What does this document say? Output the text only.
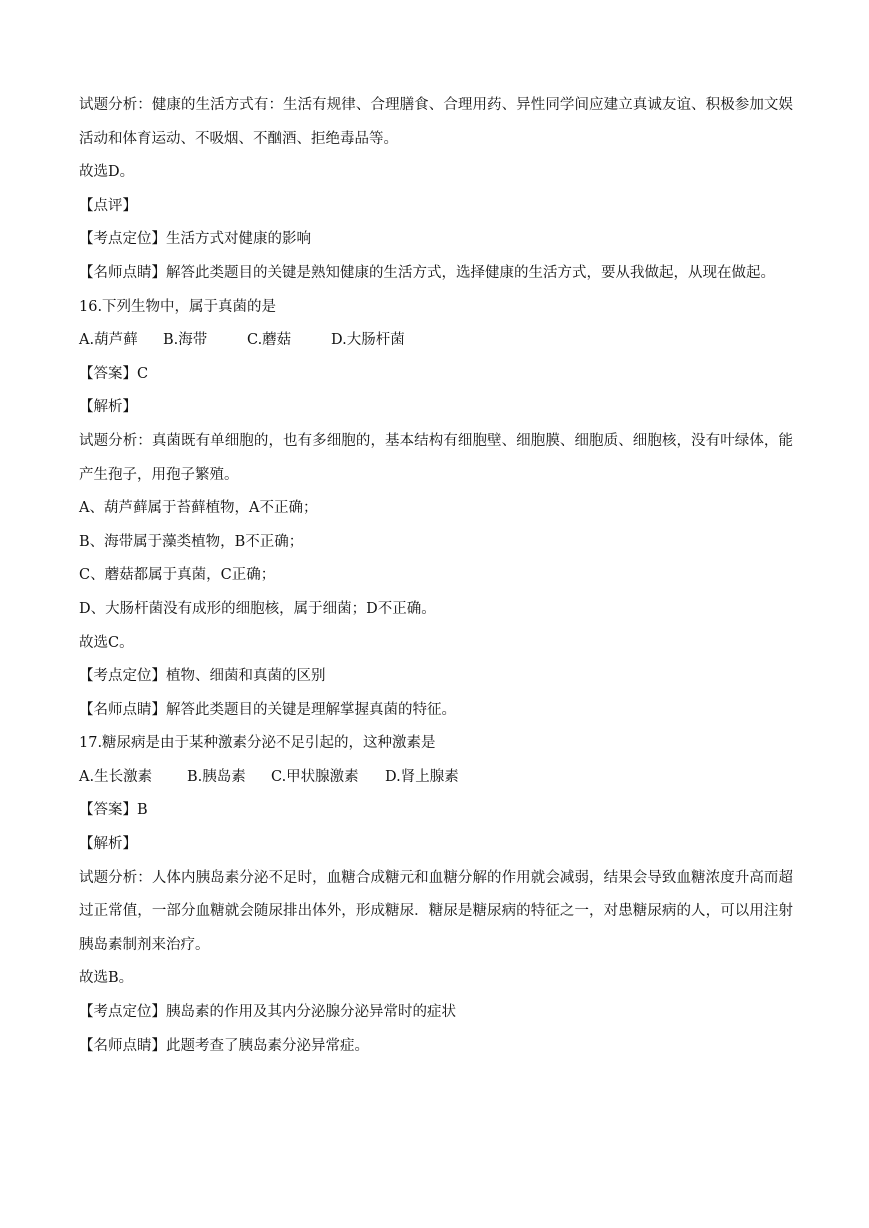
试题分析：健康的生活方式有：生活有规律、合理膳食、合理用药、异性同学间应建立真诚友谊、积极参加文娱活动和体育运动、不吸烟、不酗酒、拒绝毒品等。
故选D。
【点评】
【考点定位】生活方式对健康的影响
【名师点睛】解答此类题目的关键是熟知健康的生活方式，选择健康的生活方式，要从我做起，从现在做起。
16.下列生物中，属于真菌的是
A.葫芦藓	B.海带	C.蘑菇	D.大肠杆菌
【答案】C
【解析】
试题分析：真菌既有单细胞的，也有多细胞的，基本结构有细胞壁、细胞膜、细胞质、细胞核，没有叶绿体，能产生孢子，用孢子繁殖。
A、葫芦藓属于苔藓植物，A不正确；
B、海带属于藻类植物，B不正确；
C、蘑菇都属于真菌，C正确；
D、大肠杆菌没有成形的细胞核，属于细菌；D不正确。
故选C。
【考点定位】植物、细菌和真菌的区别
【名师点睛】解答此类题目的关键是理解掌握真菌的特征。
17.糖尿病是由于某种激素分泌不足引起的，这种激素是
A.生长激素	B.胰岛素	C.甲状腺激素	D.肾上腺素
【答案】B
【解析】
试题分析：人体内胰岛素分泌不足时，血糖合成糖元和血糖分解的作用就会减弱，结果会导致血糖浓度升高而超过正常值，一部分血糖就会随尿排出体外，形成糖尿．糖尿是糖尿病的特征之一，对患糖尿病的人，可以用注射胰岛素制剂来治疗。
故选B。
【考点定位】胰岛素的作用及其内分泌腺分泌异常时的症状
【名师点睛】此题考查了胰岛素分泌异常症。
